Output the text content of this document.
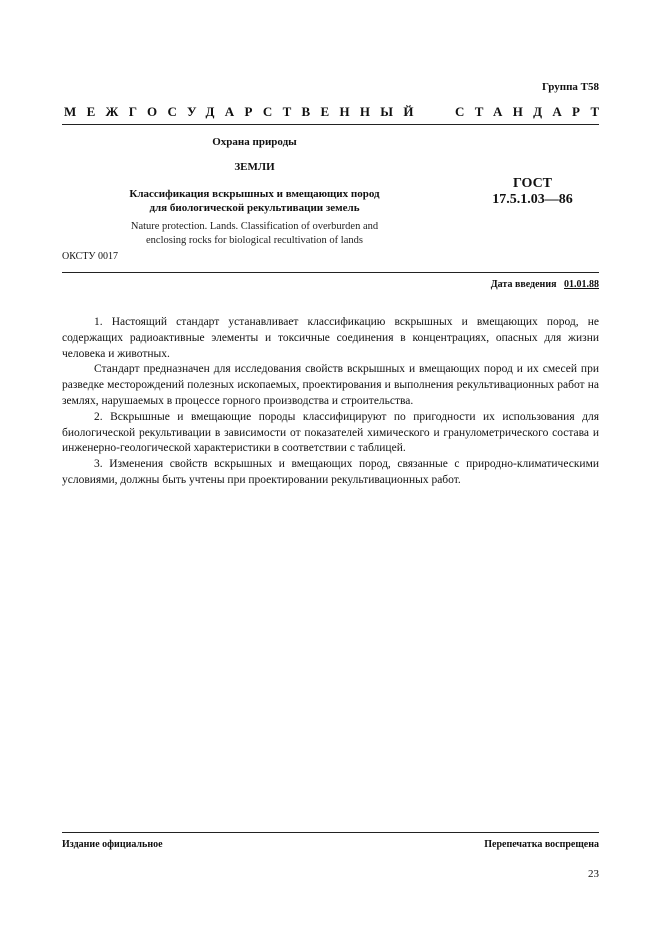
Группа Т58
МЕЖГОСУДАРСТВЕННЫЙ СТАНДАРТ
Охрана природы
ЗЕМЛИ
Классификация вскрышных и вмещающих пород
для биологической рекультивации земель
Nature protection. Lands. Classification of overburden and
enclosing rocks for biological recultivation of lands
ГОСТ
17.5.1.03—86
ОКСТУ 0017
Дата введения 01.01.88

1. Настоящий стандарт устанавливает классификацию вскрышных и вмещающих пород, не содержащих радиоактивные элементы и токсичные соединения в концентрациях, опасных для жизни человека и животных.

Стандарт предназначен для исследования свойств вскрышных и вмещающих пород и их смесей при разведке месторождений полезных ископаемых, проектирования и выполнения рекультивационных работ на землях, нарушаемых в процессе горного производства и строительства.

2. Вскрышные и вмещающие породы классифицируют по пригодности их использования для биологической рекультивации в зависимости от показателей химического и гранулометрического состава и инженерно-геологической характеристики в соответствии с таблицей.

3. Изменения свойств вскрышных и вмещающих пород, связанные с природно-климатическими условиями, должны быть учтены при проектировании рекультивационных работ.

Издание официальное	Перепечатка воспрещена
23
